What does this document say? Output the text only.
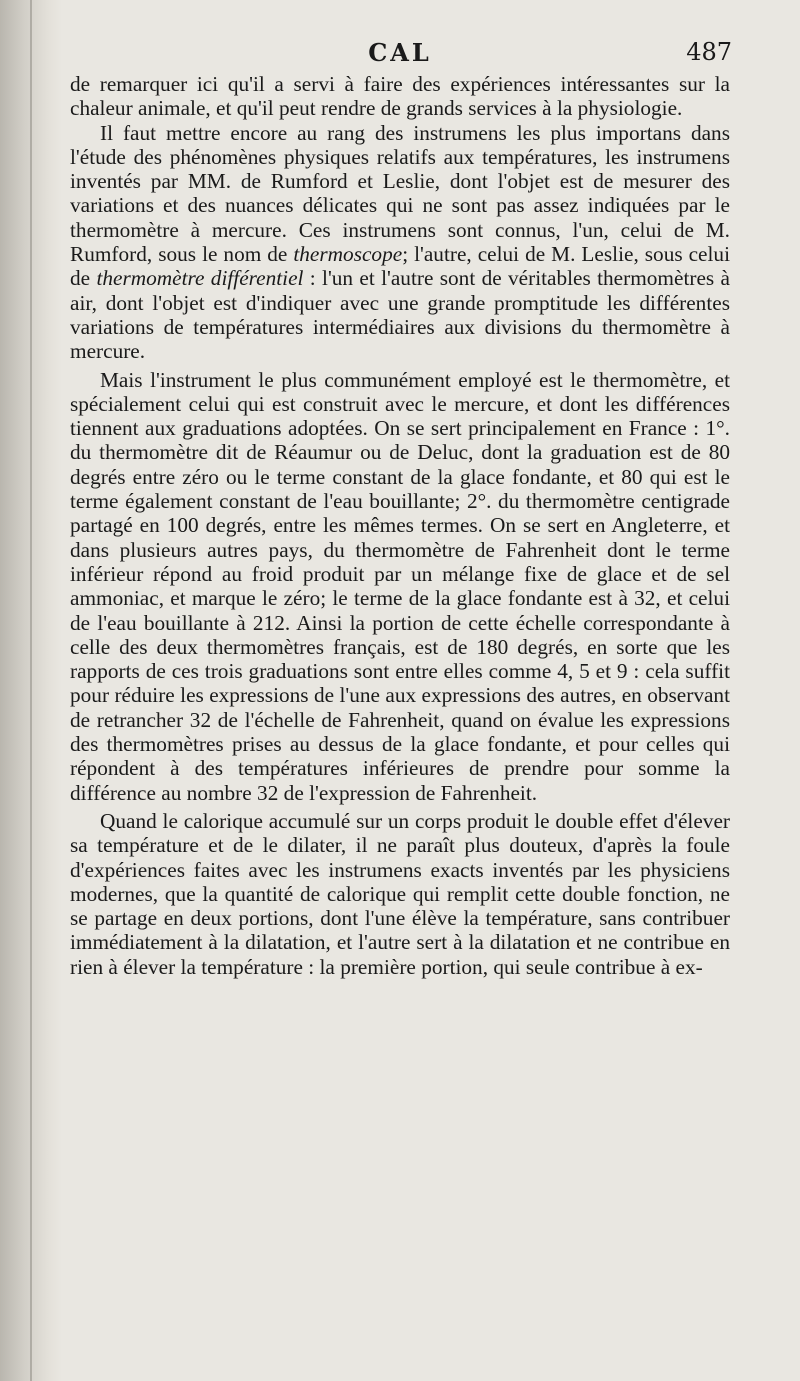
CAL	487

de remarquer ici qu'il a servi à faire des expériences intéressantes sur la chaleur animale, et qu'il peut rendre de grands services à la physiologie.

Il faut mettre encore au rang des instrumens les plus importans dans l'étude des phénomènes physiques relatifs aux températures, les instrumens inventés par MM. de Rumford et Leslie, dont l'objet est de mesurer des variations et des nuances délicates qui ne sont pas assez indiquées par le thermomètre à mercure. Ces instrumens sont connus, l'un, celui de M. Rumford, sous le nom de thermoscope; l'autre, celui de M. Leslie, sous celui de thermomètre différentiel : l'un et l'autre sont de véritables thermomètres à air, dont l'objet est d'indiquer avec une grande promptitude les différentes variations de températures intermédiaires aux divisions du thermomètre à mercure.

Mais l'instrument le plus communément employé est le thermomètre, et spécialement celui qui est construit avec le mercure, et dont les différences tiennent aux graduations adoptées. On se sert principalement en France : 1°. du thermomètre dit de Réaumur ou de Deluc, dont la graduation est de 80 degrés entre zéro ou le terme constant de la glace fondante, et 80 qui est le terme également constant de l'eau bouillante; 2°. du thermomètre centigrade partagé en 100 degrés, entre les mêmes termes. On se sert en Angleterre, et dans plusieurs autres pays, du thermomètre de Fahrenheit dont le terme inférieur répond au froid produit par un mélange fixe de glace et de sel ammoniac, et marque le zéro; le terme de la glace fondante est à 32, et celui de l'eau bouillante à 212. Ainsi la portion de cette échelle correspondante à celle des deux thermomètres français, est de 180 degrés, en sorte que les rapports de ces trois graduations sont entre elles comme 4, 5 et 9 : cela suffit pour réduire les expressions de l'une aux expressions des autres, en observant de retrancher 32 de l'échelle de Fahrenheit, quand on évalue les expressions des thermomètres prises au dessus de la glace fondante, et pour celles qui répondent à des températures inférieures de prendre pour somme la différence au nombre 32 de l'expression de Fahrenheit.

Quand le calorique accumulé sur un corps produit le double effet d'élever sa température et de le dilater, il ne paraît plus douteux, d'après la foule d'expériences faites avec les instrumens exacts inventés par les physiciens modernes, que la quantité de calorique qui remplit cette double fonction, ne se partage en deux portions, dont l'une élève la température, sans contribuer immédiatement à la dilatation, et l'autre sert à la dilatation et ne contribue en rien à élever la température : la première portion, qui seule contribue à ex-
